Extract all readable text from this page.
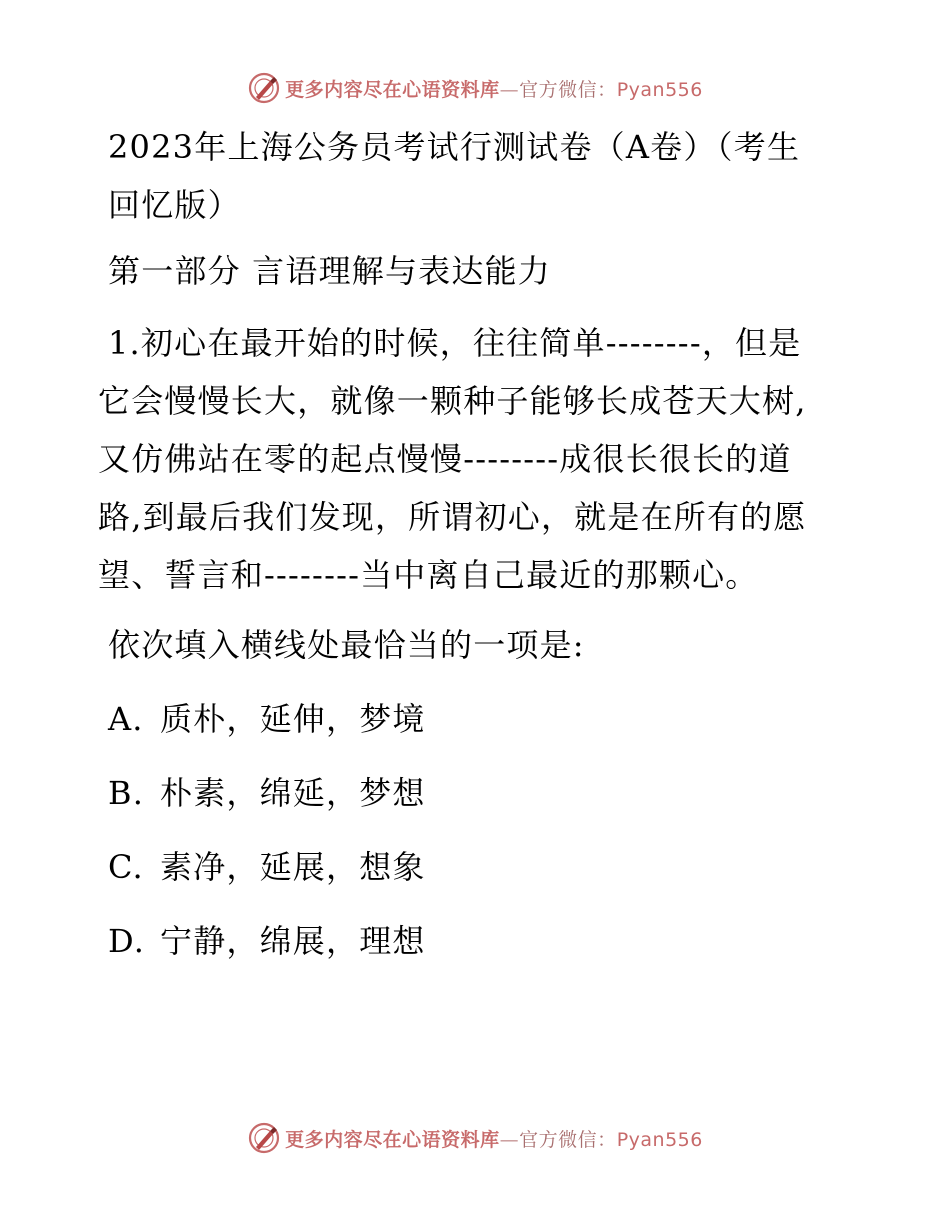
更多内容尽在心语资料库—官方微信：Pyan556

2023年上海公务员考试行测试卷（A卷）（考生回忆版）

第一部分 言语理解与表达能力

1.初心在最开始的时候，往往简单--------，但是它会慢慢长大，就像一颗种子能够长成苍天大树,又仿佛站在零的起点慢慢--------成很长很长的道路,到最后我们发现，所谓初心，就是在所有的愿望、誓言和--------当中离自己最近的那颗心。

依次填入横线处最恰当的一项是:

A. 质朴，延伸，梦境
B. 朴素，绵延，梦想
C. 素净，延展，想象
D. 宁静，绵展，理想
更多内容尽在心语资料库—官方微信：Pyan556
